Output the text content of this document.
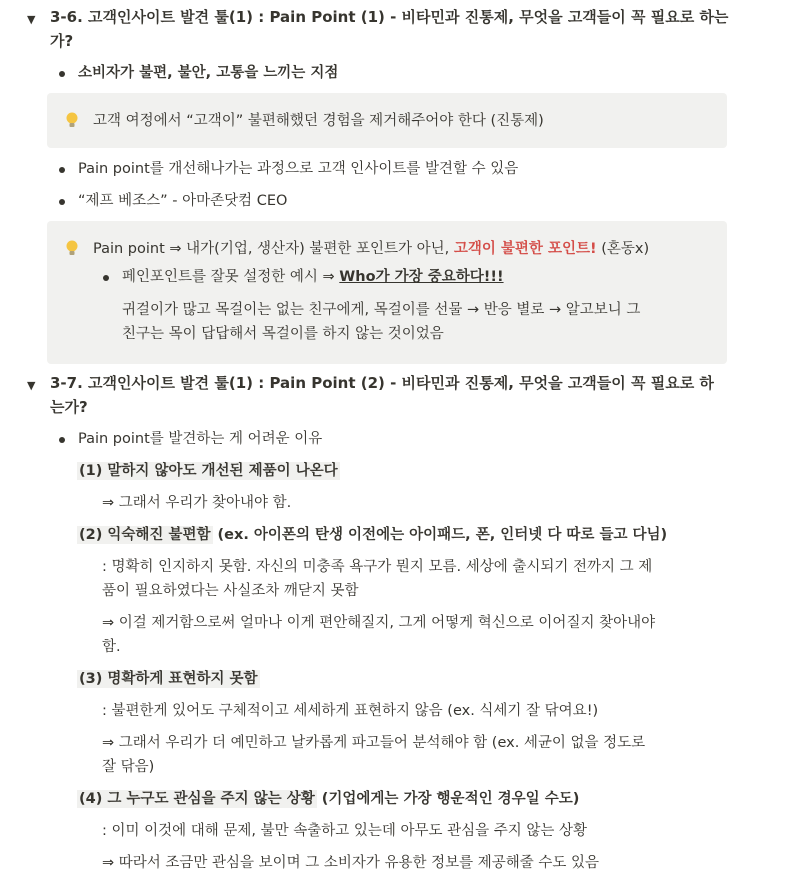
▼ 3-6. 고객인사이트 발견 툴(1) : Pain Point (1) - 비타민과 진통제, 무엇을 고객들이 꼭 필요로 하는
가?
소비자가 불편, 불안, 고통을 느끼는 지점
고객 여정에서 “고객이” 불편해했던 경험을 제거해주어야 한다 (진통제)
Pain point를 개선해나가는 과정으로 고객 인사이트를 발견할 수 있음
“제프 베조스” - 아마존닷컴 CEO
Pain point ⇒ 내가(기업, 생산자) 불편한 포인트가 아닌, 고객이 불편한 포인트! (혼동x)
페인포인트를 잘못 설정한 예시 ⇒ Who가 가장 중요하다!!!
귀걸이가 많고 목걸이는 없는 친구에게, 목걸이를 선물 → 반응 별로 → 알고보니 그
친구는 목이 답답해서 목걸이를 하지 않는 것이었음
▼ 3-7. 고객인사이트 발견 툴(1) : Pain Point (2) - 비타민과 진통제, 무엇을 고객들이 꼭 필요로 하
는가?
Pain point를 발견하는 게 어려운 이유
(1) 말하지 않아도 개선된 제품이 나온다
⇒ 그래서 우리가 찾아내야 함.
(2) 익숙해진 불편함 (ex. 아이폰의 탄생 이전에는 아이패드, 폰, 인터넷 다 따로 들고 다님)
: 명확히 인지하지 못함. 자신의 미충족 욕구가 뭔지 모름. 세상에 출시되기 전까지 그 제
품이 필요하였다는 사실조차 깨닫지 못함
⇒ 이걸 제거함으로써 얼마나 이게 편안해질지, 그게 어떻게 혁신으로 이어질지 찾아내야
함.
(3) 명확하게 표현하지 못함
: 불편한게 있어도 구체적이고 세세하게 표현하지 않음 (ex. 식세기 잘 닦여요!)
⇒ 그래서 우리가 더 예민하고 날카롭게 파고들어 분석해야 함 (ex. 세균이 없을 정도로
잘 닦음)
(4) 그 누구도 관심을 주지 않는 상황 (기업에게는 가장 행운적인 경우일 수도)
: 이미 이것에 대해 문제, 불만 속출하고 있는데 아무도 관심을 주지 않는 상황
⇒ 따라서 조금만 관심을 보이며 그 소비자가 유용한 정보를 제공해줄 수도 있음
